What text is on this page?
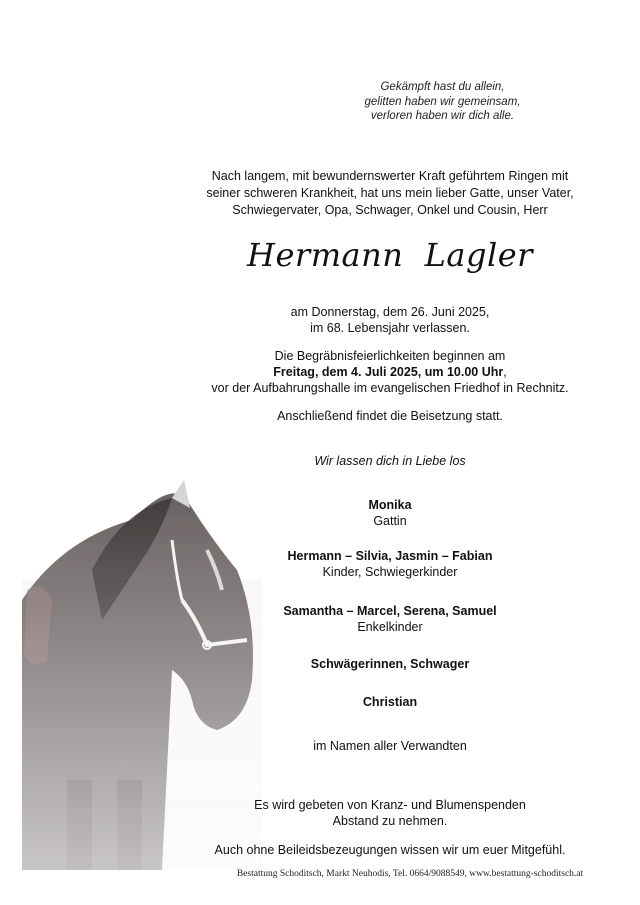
Gekämpft hast du allein,
gelitten haben wir gemeinsam,
verloren haben wir dich alle.
Nach langem, mit bewundernswerter Kraft geführtem Ringen mit
seiner schweren Krankheit, hat uns mein lieber Gatte, unser Vater,
Schwiegervater, Opa, Schwager, Onkel und Cousin, Herr
Hermann  Lagler
am Donnerstag, dem 26. Juni 2025,
im 68. Lebensjahr verlassen.
Die Begräbnisfeierlichkeiten beginnen am
Freitag, dem 4. Juli 2025, um 10.00 Uhr,
vor der Aufbahrungshalle im evangelischen Friedhof in Rechnitz.
Anschließend findet die Beisetzung statt.
Wir lassen dich in Liebe los
Monika
Gattin
Hermann – Silvia, Jasmin – Fabian
Kinder, Schwiegerkinder
Samantha – Marcel, Serena, Samuel
Enkelkinder
Schwägerinnen, Schwager
Christian
im Namen aller Verwandten
Es wird gebeten von Kranz- und Blumenspenden
Abstand zu nehmen.
Auch ohne Beileidsbezeugungen wissen wir um euer Mitgefühl.
Bestattung Schoditsch, Markt Neuhodis, Tel. 0664/9088549, www.bestattung-schoditsch.at
